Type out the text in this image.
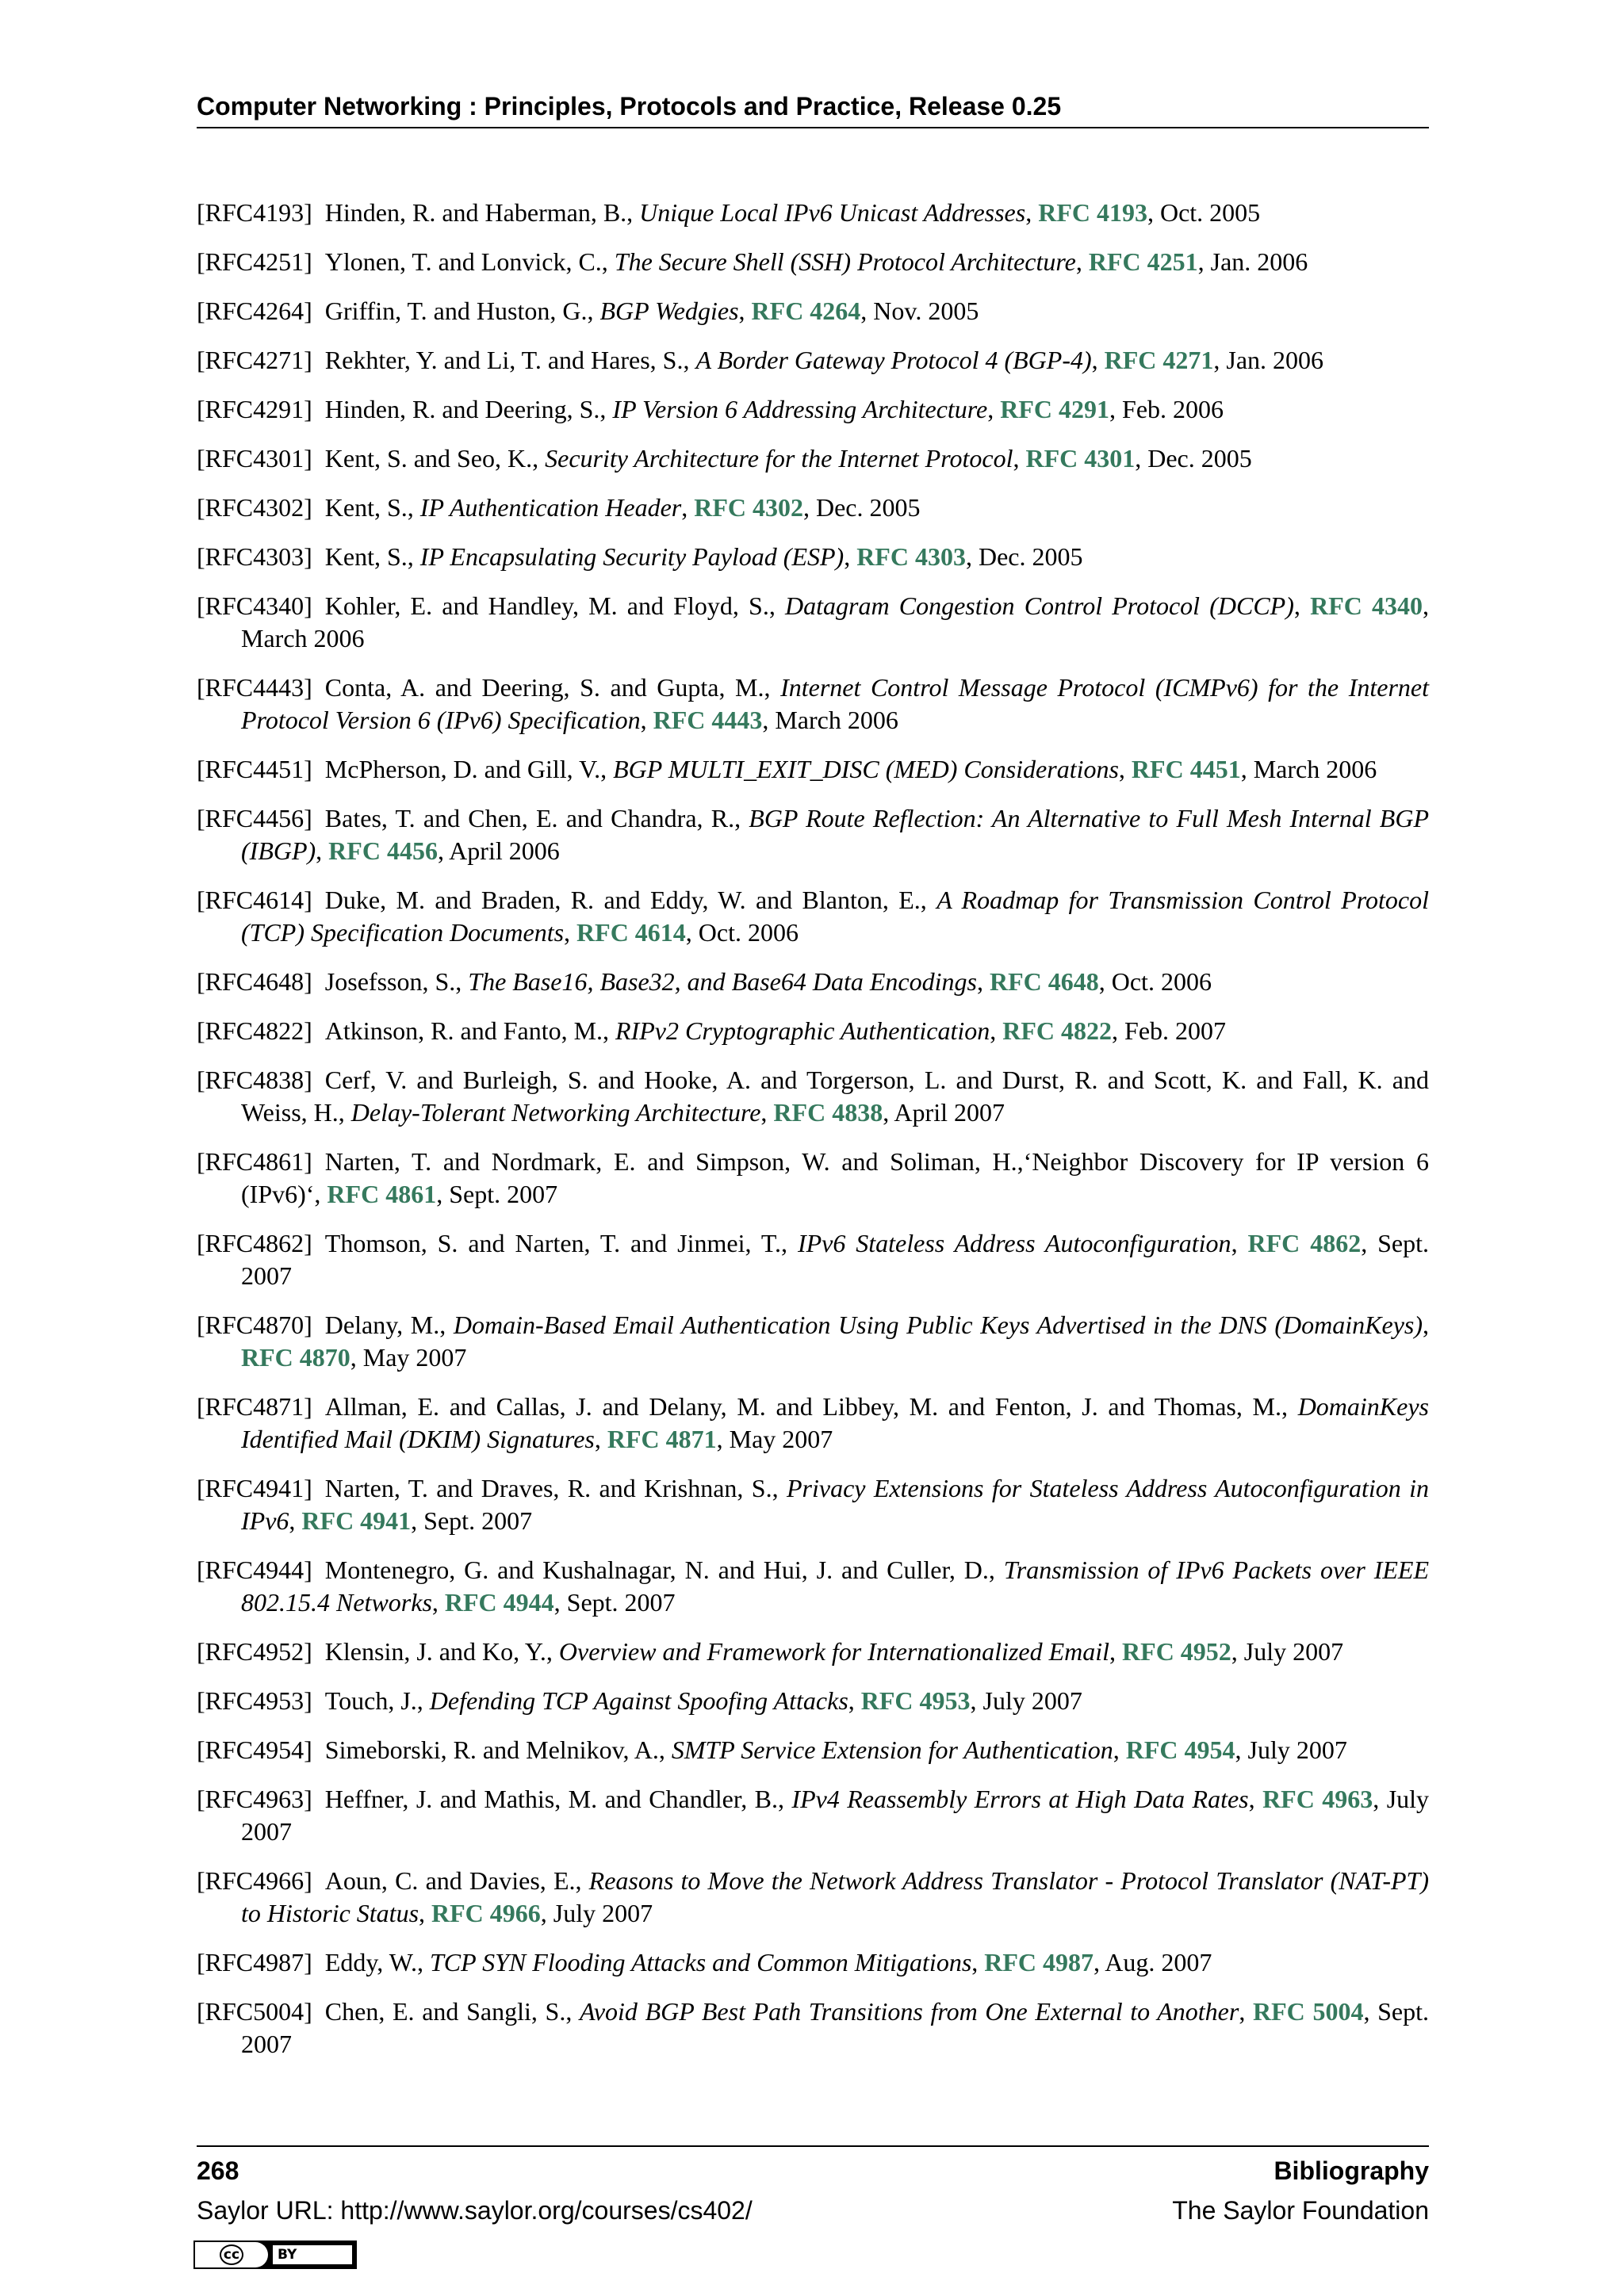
Computer Networking : Principles, Protocols and Practice, Release 0.25
[RFC4193]  Hinden, R. and Haberman, B., Unique Local IPv6 Unicast Addresses, RFC 4193, Oct. 2005
[RFC4251]  Ylonen, T. and Lonvick, C., The Secure Shell (SSH) Protocol Architecture, RFC 4251, Jan. 2006
[RFC4264]  Griffin, T. and Huston, G., BGP Wedgies, RFC 4264, Nov. 2005
[RFC4271]  Rekhter, Y. and Li, T. and Hares, S., A Border Gateway Protocol 4 (BGP-4), RFC 4271, Jan. 2006
[RFC4291]  Hinden, R. and Deering, S., IP Version 6 Addressing Architecture, RFC 4291, Feb. 2006
[RFC4301]  Kent, S. and Seo, K., Security Architecture for the Internet Protocol, RFC 4301, Dec. 2005
[RFC4302]  Kent, S., IP Authentication Header, RFC 4302, Dec. 2005
[RFC4303]  Kent, S., IP Encapsulating Security Payload (ESP), RFC 4303, Dec. 2005
[RFC4340]  Kohler, E. and Handley, M. and Floyd, S., Datagram Congestion Control Protocol (DCCP), RFC 4340, March 2006
[RFC4443]  Conta, A. and Deering, S. and Gupta, M., Internet Control Message Protocol (ICMPv6) for the Internet Protocol Version 6 (IPv6) Specification, RFC 4443, March 2006
[RFC4451]  McPherson, D. and Gill, V., BGP MULTI_EXIT_DISC (MED) Considerations, RFC 4451, March 2006
[RFC4456]  Bates, T. and Chen, E. and Chandra, R., BGP Route Reflection: An Alternative to Full Mesh Internal BGP (IBGP), RFC 4456, April 2006
[RFC4614]  Duke, M. and Braden, R. and Eddy, W. and Blanton, E., A Roadmap for Transmission Control Protocol (TCP) Specification Documents, RFC 4614, Oct. 2006
[RFC4648]  Josefsson, S., The Base16, Base32, and Base64 Data Encodings, RFC 4648, Oct. 2006
[RFC4822]  Atkinson, R. and Fanto, M., RIPv2 Cryptographic Authentication, RFC 4822, Feb. 2007
[RFC4838]  Cerf, V. and Burleigh, S. and Hooke, A. and Torgerson, L. and Durst, R. and Scott, K. and Fall, K. and Weiss, H., Delay-Tolerant Networking Architecture, RFC 4838, April 2007
[RFC4861]  Narten, T. and Nordmark, E. and Simpson, W. and Soliman, H.,‘Neighbor Discovery for IP version 6 (IPv6)‘, RFC 4861, Sept. 2007
[RFC4862]  Thomson, S. and Narten, T. and Jinmei, T., IPv6 Stateless Address Autoconfiguration, RFC 4862, Sept. 2007
[RFC4870]  Delany, M., Domain-Based Email Authentication Using Public Keys Advertised in the DNS (DomainKeys), RFC 4870, May 2007
[RFC4871]  Allman, E. and Callas, J. and Delany, M. and Libbey, M. and Fenton, J. and Thomas, M., DomainKeys Identified Mail (DKIM) Signatures, RFC 4871, May 2007
[RFC4941]  Narten, T. and Draves, R. and Krishnan, S., Privacy Extensions for Stateless Address Autoconfiguration in IPv6, RFC 4941, Sept. 2007
[RFC4944]  Montenegro, G. and Kushalnagar, N. and Hui, J. and Culler, D., Transmission of IPv6 Packets over IEEE 802.15.4 Networks, RFC 4944, Sept. 2007
[RFC4952]  Klensin, J. and Ko, Y., Overview and Framework for Internationalized Email, RFC 4952, July 2007
[RFC4953]  Touch, J., Defending TCP Against Spoofing Attacks, RFC 4953, July 2007
[RFC4954]  Simeborski, R. and Melnikov, A., SMTP Service Extension for Authentication, RFC 4954, July 2007
[RFC4963]  Heffner, J. and Mathis, M. and Chandler, B., IPv4 Reassembly Errors at High Data Rates, RFC 4963, July 2007
[RFC4966]  Aoun, C. and Davies, E., Reasons to Move the Network Address Translator - Protocol Translator (NAT-PT) to Historic Status, RFC 4966, July 2007
[RFC4987]  Eddy, W., TCP SYN Flooding Attacks and Common Mitigations, RFC 4987, Aug. 2007
[RFC5004]  Chen, E. and Sangli, S., Avoid BGP Best Path Transitions from One External to Another, RFC 5004, Sept. 2007
268	Bibliography
Saylor URL: http://www.saylor.org/courses/cs402/	The Saylor Foundation
cc	BY
